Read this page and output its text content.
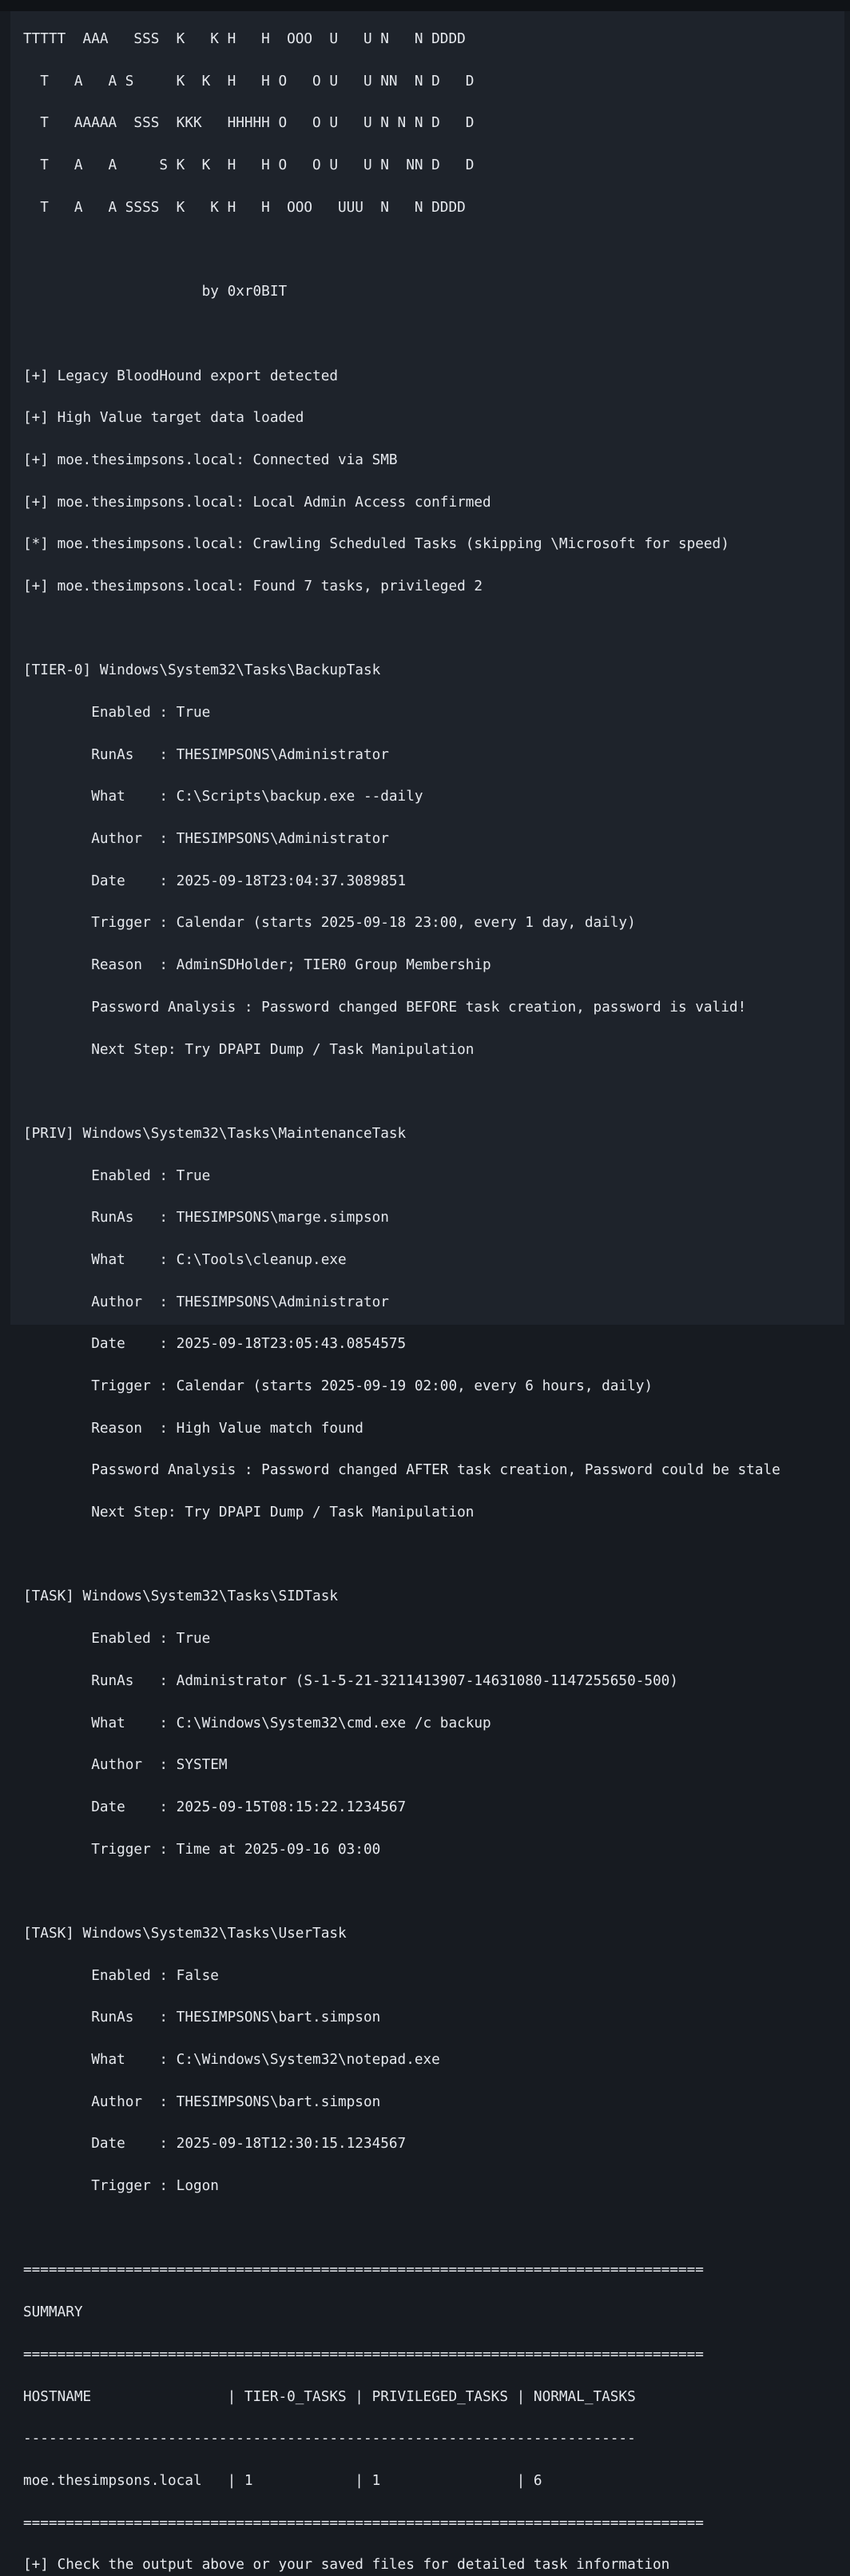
TTTTT  AAA   SSS  K   K H   H  OOO  U   U N   N DDDD

T   A   A S     K  K  H   H O   O U   U NN  N D   D

T   AAAAA  SSS  KKK   HHHHH O   O U   U N N N D   D

T   A   A     S K  K  H   H O   O U   U N  NN D   D

T   A   A SSSS  K   K H   H  OOO   UUU  N   N DDDD

by 0xr0BIT

[+] Legacy BloodHound export detected

[+] High Value target data loaded

[+] moe.thesimpsons.local: Connected via SMB

[+] moe.thesimpsons.local: Local Admin Access confirmed

[*] moe.thesimpsons.local: Crawling Scheduled Tasks (skipping \Microsoft for speed)

[+] moe.thesimpsons.local: Found 7 tasks, privileged 2

[TIER-0] Windows\System32\Tasks\BackupTask

Enabled : True

RunAs   : THESIMPSONS\Administrator

What    : C:\Scripts\backup.exe --daily

Author  : THESIMPSONS\Administrator

Date    : 2025-09-18T23:04:37.3089851

Trigger : Calendar (starts 2025-09-18 23:00, every 1 day, daily)

Reason  : AdminSDHolder; TIER0 Group Membership

Password Analysis : Password changed BEFORE task creation, password is valid!

Next Step: Try DPAPI Dump / Task Manipulation

[PRIV] Windows\System32\Tasks\MaintenanceTask

Enabled : True

RunAs   : THESIMPSONS\marge.simpson

What    : C:\Tools\cleanup.exe

Author  : THESIMPSONS\Administrator

Date    : 2025-09-18T23:05:43.0854575

Trigger : Calendar (starts 2025-09-19 02:00, every 6 hours, daily)

Reason  : High Value match found

Password Analysis : Password changed AFTER task creation, Password could be stale

Next Step: Try DPAPI Dump / Task Manipulation

[TASK] Windows\System32\Tasks\SIDTask

Enabled : True

RunAs   : Administrator (S-1-5-21-3211413907-14631080-1147255650-500)

What    : C:\Windows\System32\cmd.exe /c backup

Author  : SYSTEM

Date    : 2025-09-15T08:15:22.1234567

Trigger : Time at 2025-09-16 03:00

[TASK] Windows\System32\Tasks\UserTask

Enabled : False

RunAs   : THESIMPSONS\bart.simpson

What    : C:\Windows\System32\notepad.exe

Author  : THESIMPSONS\bart.simpson

Date    : 2025-09-18T12:30:15.1234567

Trigger : Logon

================================================================================

SUMMARY

================================================================================

HOSTNAME                | TIER-0_TASKS | PRIVILEGED_TASKS | NORMAL_TASKS

------------------------------------------------------------------------

moe.thesimpsons.local   | 1            | 1                | 6

================================================================================

[+] Check the output above or your saved files for detailed task information
